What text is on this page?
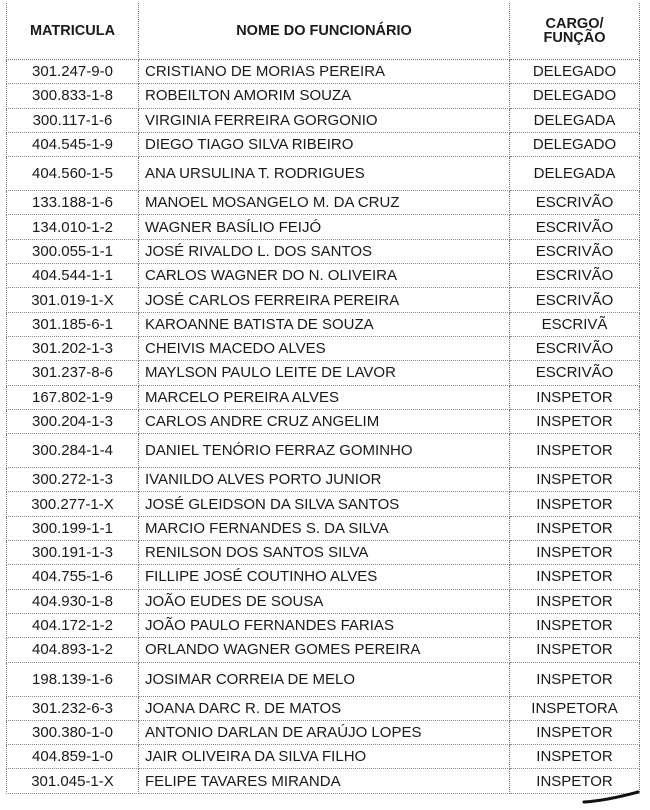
MATRICULA	NOME DO FUNCIONÁRIO	CARGO/
FUNÇÃO

301.247-9-0	CRISTIANO DE MORIAS PEREIRA	DELEGADO
300.833-1-8	ROBEILTON AMORIM SOUZA	DELEGADO
300.117-1-6	VIRGINIA FERREIRA GORGONIO	DELEGADA
404.545-1-9	DIEGO TIAGO SILVA RIBEIRO	DELEGADO
404.560-1-5	ANA URSULINA T. RODRIGUES	DELEGADA
133.188-1-6	MANOEL MOSANGELO M. DA CRUZ	ESCRIVÃO
134.010-1-2	WAGNER BASÍLIO FEIJÓ	ESCRIVÃO
300.055-1-1	JOSÉ RIVALDO L. DOS SANTOS	ESCRIVÃO
404.544-1-1	CARLOS WAGNER DO N. OLIVEIRA	ESCRIVÃO
301.019-1-X	JOSÉ CARLOS FERREIRA PEREIRA	ESCRIVÃO
301.185-6-1	KAROANNE BATISTA DE SOUZA	ESCRIVÃ
301.202-1-3	CHEIVIS MACEDO ALVES	ESCRIVÃO
301.237-8-6	MAYLSON PAULO LEITE DE LAVOR	ESCRIVÃO
167.802-1-9	MARCELO PEREIRA ALVES	INSPETOR
300.204-1-3	CARLOS ANDRE CRUZ ANGELIM	INSPETOR
300.284-1-4	DANIEL TENÓRIO FERRAZ GOMINHO	INSPETOR
300.272-1-3	IVANILDO ALVES PORTO JUNIOR	INSPETOR
300.277-1-X	JOSÉ GLEIDSON DA SILVA SANTOS	INSPETOR
300.199-1-1	MARCIO FERNANDES S. DA SILVA	INSPETOR
300.191-1-3	RENILSON DOS SANTOS SILVA	INSPETOR
404.755-1-6	FILLIPE JOSÉ COUTINHO ALVES	INSPETOR
404.930-1-8	JOÃO EUDES DE SOUSA	INSPETOR
404.172-1-2	JOÃO PAULO FERNANDES FARIAS	INSPETOR
404.893-1-2	ORLANDO WAGNER GOMES PEREIRA	INSPETOR
198.139-1-6	JOSIMAR CORREIA DE MELO	INSPETOR
301.232-6-3	JOANA DARC R. DE MATOS	INSPETORA
300.380-1-0	ANTONIO DARLAN DE ARAÚJO LOPES	INSPETOR
404.859-1-0	JAIR OLIVEIRA DA SILVA FILHO	INSPETOR
301.045-1-X	FELIPE TAVARES MIRANDA	INSPETOR
